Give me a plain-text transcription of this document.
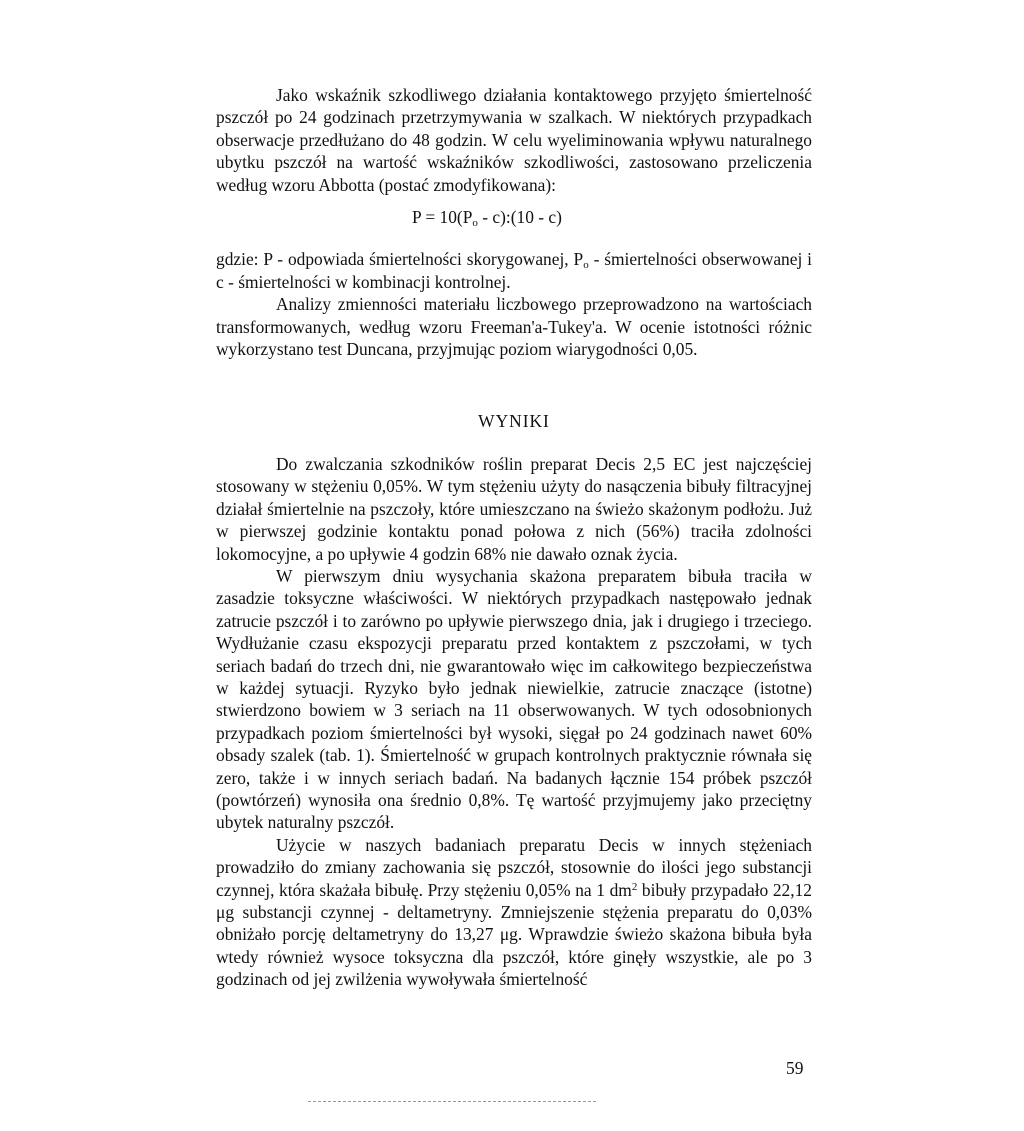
Jako wskaźnik szkodliwego działania kontaktowego przyjęto śmiertelność pszczół po 24 godzinach przetrzymywania w szalkach. W niektórych przypadkach obserwacje przedłużano do 48 godzin. W celu wyeliminowania wpływu naturalnego ubytku pszczół na wartość wskaźników szkodliwości, zastosowano przeliczenia według wzoru Abbotta (postać zmodyfikowana):

$P = 10(P_o$ - c):(10 - c)

gdzie: P - odpowiada śmiertelności skorygowanej, $P_o$ - śmiertelności obserwowanej i c - śmiertelności w kombinacji kontrolnej.

Analizy zmienności materiału liczbowego przeprowadzono na wartościach transformowanych, według wzoru Freeman'a-Tukey'a. W ocenie istotności różnic wykorzystano test Duncana, przyjmując poziom wiarygodności 0,05.

WYNIKI

Do zwalczania szkodników roślin preparat Decis 2,5 EC jest najczęściej stosowany w stężeniu 0,05%. W tym stężeniu użyty do nasączenia bibuły filtracyjnej działał śmiertelnie na pszczoły, które umieszczano na świeżo skażonym podłożu. Już w pierwszej godzinie kontaktu ponad połowa z nich (56%) traciła zdolności lokomocyjne, a po upływie 4 godzin 68% nie dawało oznak życia.

W pierwszym dniu wysychania skażona preparatem bibuła traciła w zasadzie toksyczne właściwości. W niektórych przypadkach następowało jednak zatrucie pszczół i to zarówno po upływie pierwszego dnia, jak i drugiego i trzeciego. Wydłużanie czasu ekspozycji preparatu przed kontaktem z pszczołami, w tych seriach badań do trzech dni, nie gwarantowało więc im całkowitego bezpieczeństwa w każdej sytuacji. Ryzyko było jednak niewielkie, zatrucie znaczące (istotne) stwierdzono bowiem w 3 seriach na 11 obserwowanych. W tych odosobnionych przypadkach poziom śmiertelności był wysoki, sięgał po 24 godzinach nawet 60% obsady szalek (tab. 1). Śmiertelność w grupach kontrolnych praktycznie równała się zero, także i w innych seriach badań. Na badanych łącznie 154 próbek pszczół (powtórzeń) wynosiła ona średnio 0,8%. Tę wartość przyjmujemy jako przeciętny ubytek naturalny pszczół.

Użycie w naszych badaniach preparatu Decis w innych stężeniach prowadziło do zmiany zachowania się pszczół, stosownie do ilości jego substancji czynnej, która skażała bibułę. Przy stężeniu 0,05% na 1 $dm^2$ bibuły przypadało 22,12 μg substancji czynnej - deltametryny. Zmniejszenie stężenia preparatu do 0,03% obniżało porcję deltametryny do 13,27 μg. Wprawdzie świeżo skażona bibuła była wtedy również wysoce toksyczna dla pszczół, które ginęły wszystkie, ale po 3 godzinach od jej zwilżenia wywoływała śmiertelność

59
